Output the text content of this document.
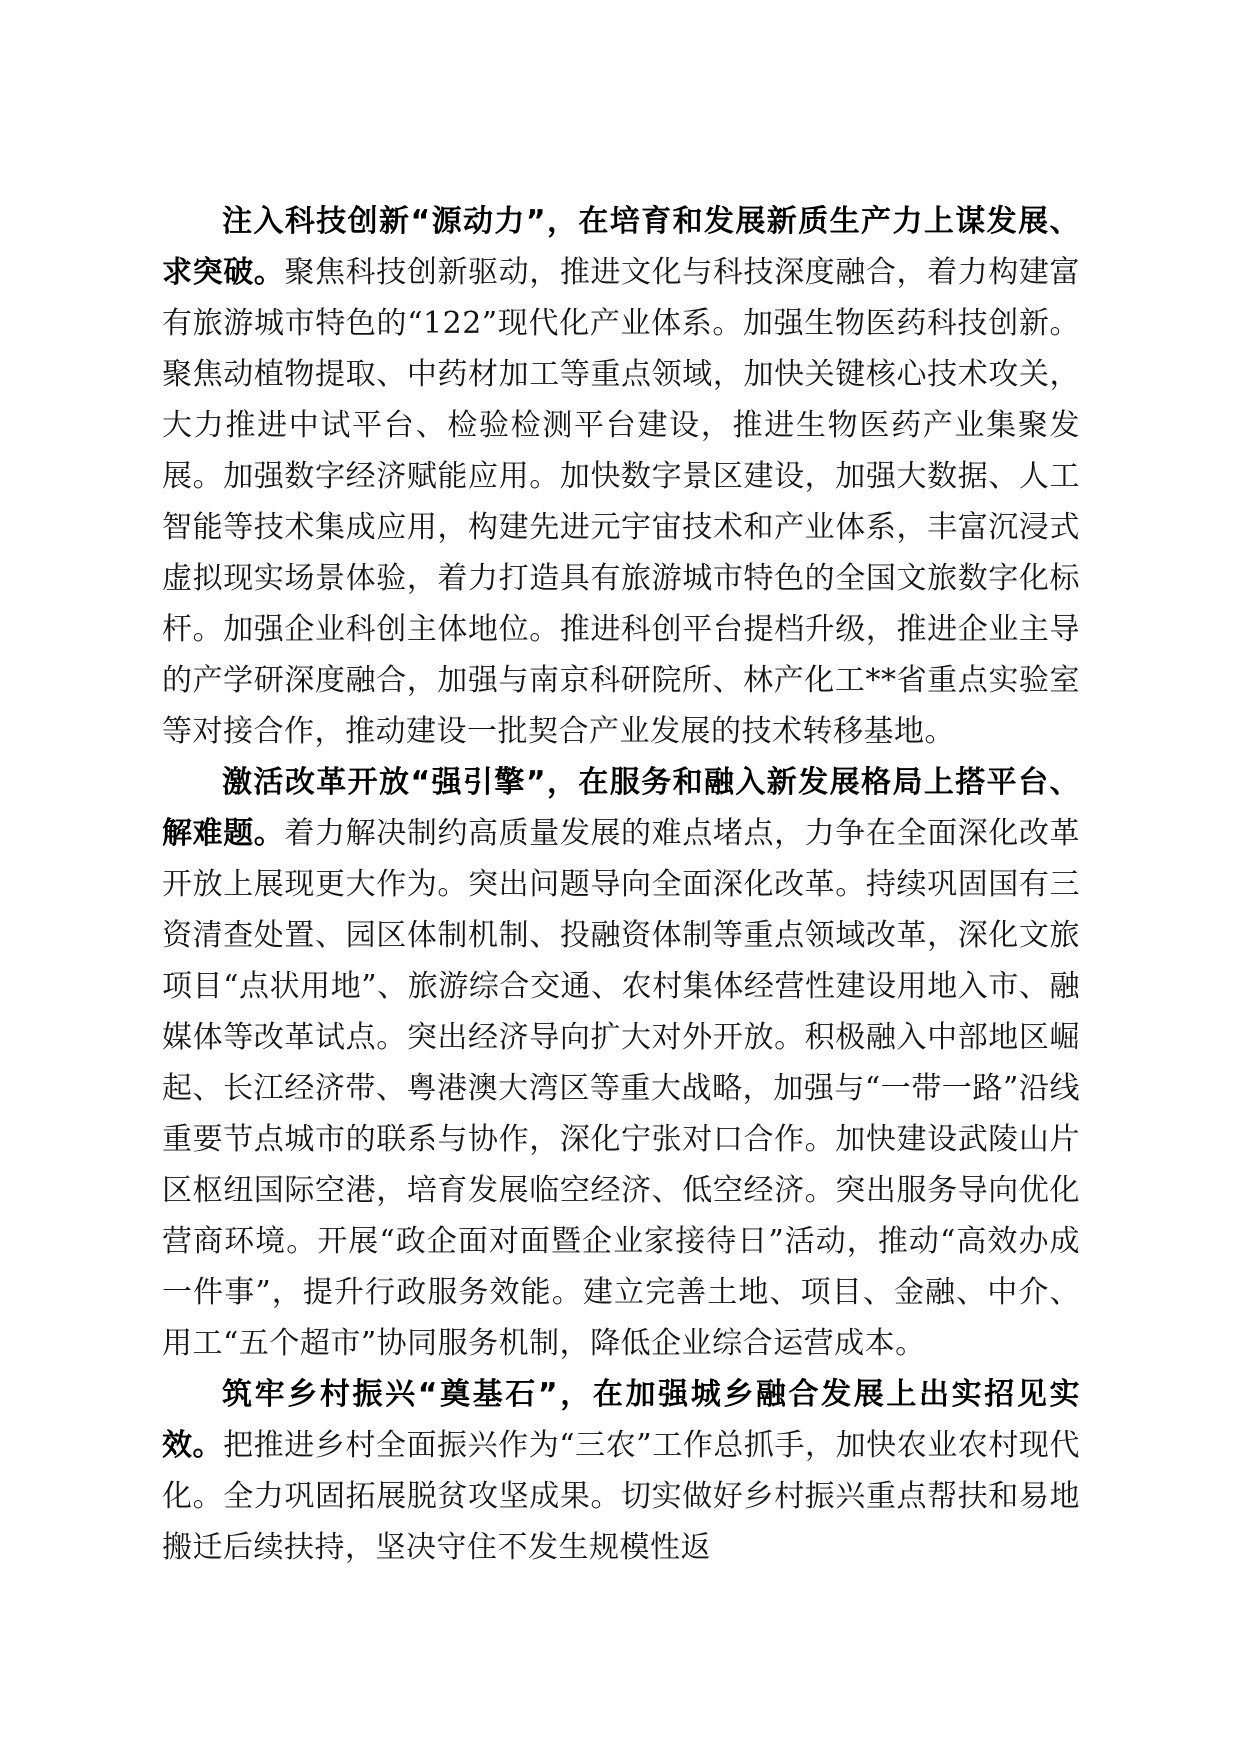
注入科技创新“源动力”，在培育和发展新质生产力上谋发展、求突破。聚焦科技创新驱动，推进文化与科技深度融合，着力构建富有旅游城市特色的“122”现代化产业体系。加强生物医药科技创新。聚焦动植物提取、中药材加工等重点领域，加快关键核心技术攻关，大力推进中试平台、检验检测平台建设，推进生物医药产业集聚发展。加强数字经济赋能应用。加快数字景区建设，加强大数据、人工智能等技术集成应用，构建先进元宇宙技术和产业体系，丰富沉浸式虚拟现实场景体验，着力打造具有旅游城市特色的全国文旅数字化标杆。加强企业科创主体地位。推进科创平台提档升级，推进企业主导的产学研深度融合，加强与南京科研院所、林产化工**省重点实验室等对接合作，推动建设一批契合产业发展的技术转移基地。

激活改革开放“强引擎”，在服务和融入新发展格局上搭平台、解难题。着力解决制约高质量发展的难点堵点，力争在全面深化改革开放上展现更大作为。突出问题导向全面深化改革。持续巩固国有三资清查处置、园区体制机制、投融资体制等重点领域改革，深化文旅项目“点状用地”、旅游综合交通、农村集体经营性建设用地入市、融媒体等改革试点。突出经济导向扩大对外开放。积极融入中部地区崛起、长江经济带、粤港澳大湾区等重大战略，加强与“一带一路”沿线重要节点城市的联系与协作，深化宁张对口合作。加快建设武陵山片区枢纽国际空港，培育发展临空经济、低空经济。突出服务导向优化营商环境。开展“政企面对面暨企业家接待日”活动，推动“高效办成一件事”，提升行政服务效能。建立完善土地、项目、金融、中介、用工“五个超市”协同服务机制，降低企业综合运营成本。

筑牢乡村振兴“奠基石”，在加强城乡融合发展上出实招见实效。把推进乡村全面振兴作为“三农”工作总抓手，加快农业农村现代化。全力巩固拓展脱贫攻坚成果。切实做好乡村振兴重点帮扶和易地搬迁后续扶持，坚决守住不发生规模性返
